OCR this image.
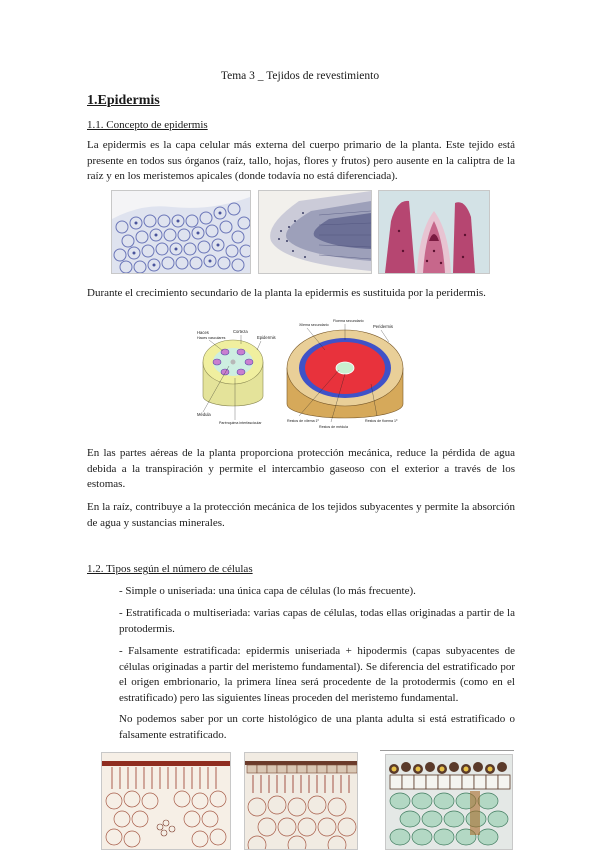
Tema 3 _ Tejidos de revestimiento
1.Epidermis
1.1. Concepto de epidermis
La epidermis es la capa celular más externa del cuerpo primario de la planta. Este tejido está presente en todos sus órganos (raíz, tallo, hojas, flores y frutos) pero ausente en la caliptra de la raíz y en los meristemos apicales (donde todavía no está diferenciada).
Durante el crecimiento secundario de la planta la epidermis es sustituida por la peridermis.
Haces
Haces vasculares
Corteza
Epidermis
Médula
Parénquima interfascicular
Xilema secundario
Floema secundario
Peridermis
Restos de xilema 1º
Restos de médula
Restos de floema 1º
En las partes aéreas de la planta proporciona protección mecánica, reduce la pérdida de agua debida a la transpiración y permite el intercambio gaseoso con el exterior a través de los estomas.
En la raíz, contribuye a la protección mecánica de los tejidos subyacentes y permite la absorción de agua y sustancias minerales.
1.2. Tipos según el número de células
- Simple o uniseriada: una única capa de células (lo más frecuente).
- Estratificada o multiseriada: varias capas de células, todas ellas originadas a partir de la protodermis.
- Falsamente estratificada: epidermis uniseriada + hipodermis (capas subyacentes de células originadas a partir del meristemo fundamental). Se diferencia del estratificado por el origen embrionario, la primera línea será procedente de la protodermis (como en el estratificado) pero las siguientes líneas proceden del meristemo fundamental.
No podemos saber por un corte histológico de una planta adulta si está estratificado o falsamente estratificado.
